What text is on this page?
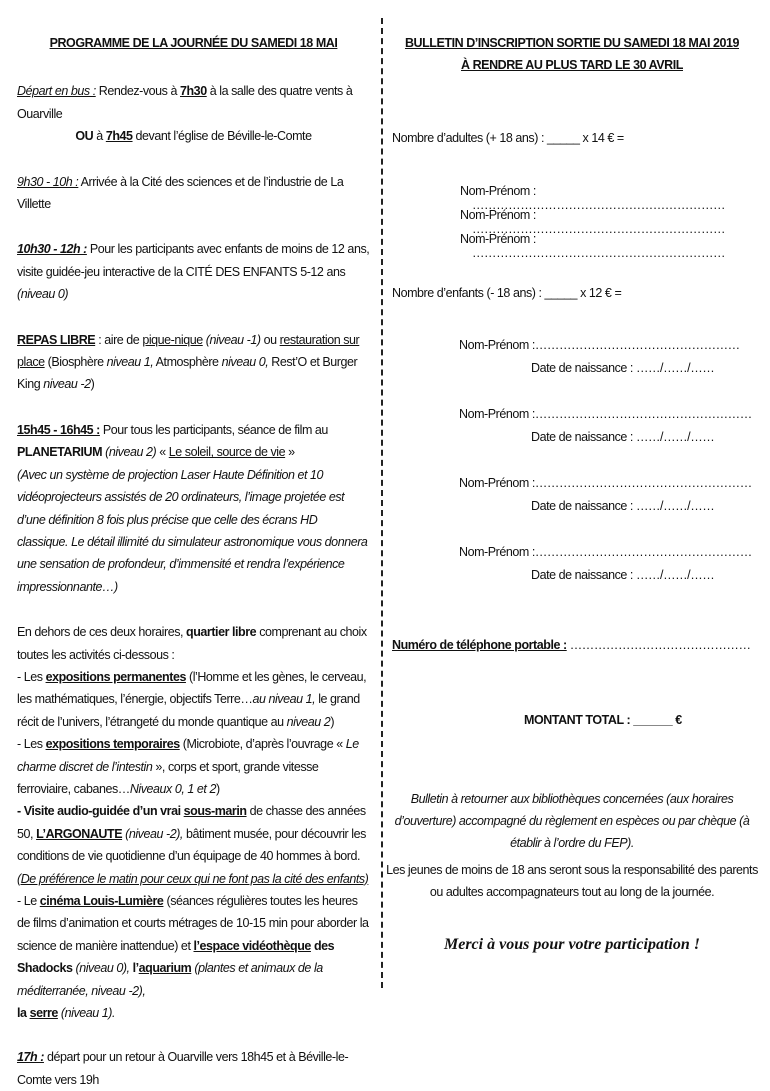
PROGRAMME DE LA JOURNÉE DU SAMEDI 18 MAI
Départ en bus : Rendez-vous à 7h30 à la salle des quatre vents à Ouarville
OU à 7h45 devant l’église de Béville-le-Comte
9h30 - 10h : Arrivée à la Cité des sciences et de l’industrie de La Villette
10h30 - 12h : Pour les participants avec enfants de moins de 12 ans, visite guidée-jeu interactive de la CITÉ DES ENFANTS 5-12 ans (niveau 0)
REPAS LIBRE : aire de pique-nique (niveau -1) ou restauration sur place (Biosphère niveau 1, Atmosphère niveau 0, Rest’O et Burger King niveau -2)
15h45 - 16h45 : Pour tous les participants, séance de film au PLANETARIUM (niveau 2) « Le soleil, source de vie »
(Avec un système de projection Laser Haute Définition et 10 vidéoprojecteurs assistés de 20 ordinateurs, l’image projetée est d’une définition 8 fois plus précise que celle des écrans HD classique. Le détail illimité du simulateur astronomique vous donnera une sensation de profondeur, d’immensité et rendra l’expérience impressionnante…)
En dehors de ces deux horaires, quartier libre comprenant au choix toutes les activités ci-dessous :
- Les expositions permanentes (l’Homme et les gènes, le cerveau, les mathématiques, l’énergie, objectifs Terre…au niveau 1, le grand récit de l’univers, l’étrangeté du monde quantique au niveau 2)
- Les expositions temporaires (Microbiote, d’après l’ouvrage « Le charme discret de l’intestin », corps et sport, grande vitesse ferroviaire, cabanes…Niveaux 0, 1 et 2)
- Visite audio-guidée d’un vrai sous-marin de chasse des années 50, L’ARGONAUTE (niveau -2), bâtiment musée, pour découvrir les conditions de vie quotidienne d’un équipage de 40 hommes à bord. (De préférence le matin pour ceux qui ne font pas la cité des enfants)
- Le cinéma Louis-Lumière (séances régulières toutes les heures de films d’animation et courts métrages de 10-15 min pour aborder la science de manière inattendue) et l’espace vidéothèque des Shadocks (niveau 0), l’aquarium (plantes et animaux de la méditerranée, niveau -2),
la serre (niveau 1).
17h : départ pour un retour à Ouarville vers 18h45 et à Béville-le-Comte vers 19h
BULLETIN D’INSCRIPTION SORTIE DU SAMEDI 18 MAI 2019
À RENDRE AU PLUS TARD LE 30 AVRIL
Nombre d’adultes (+ 18 ans) : _____ x 14 € =
Nom-Prénom :………………………………………………………
Nom-Prénom :………………………………………………………
Nom-Prénom :………………………………………………………
Nombre d’enfants (- 18 ans) : _____ x 12 € =
Nom-Prénom :……………………………………………
Date de naissance : ……/……/……
Nom-Prénom :………………………………………………
Date de naissance : ……/……/……
Nom-Prénom :………………………………………………
Date de naissance : ……/……/……
Nom-Prénom :………………………………………………
Date de naissance : ……/……/……
Numéro de téléphone portable : ………………………………………
MONTANT TOTAL : ______ €
Bulletin à retourner aux bibliothèques concernées (aux horaires d’ouverture) accompagné du règlement en espèces ou par chèque (à établir à l’ordre du FEP).
Les jeunes de moins de 18 ans seront sous la responsabilité des parents ou adultes accompagnateurs tout au long de la journée.
Merci à vous pour votre participation !
